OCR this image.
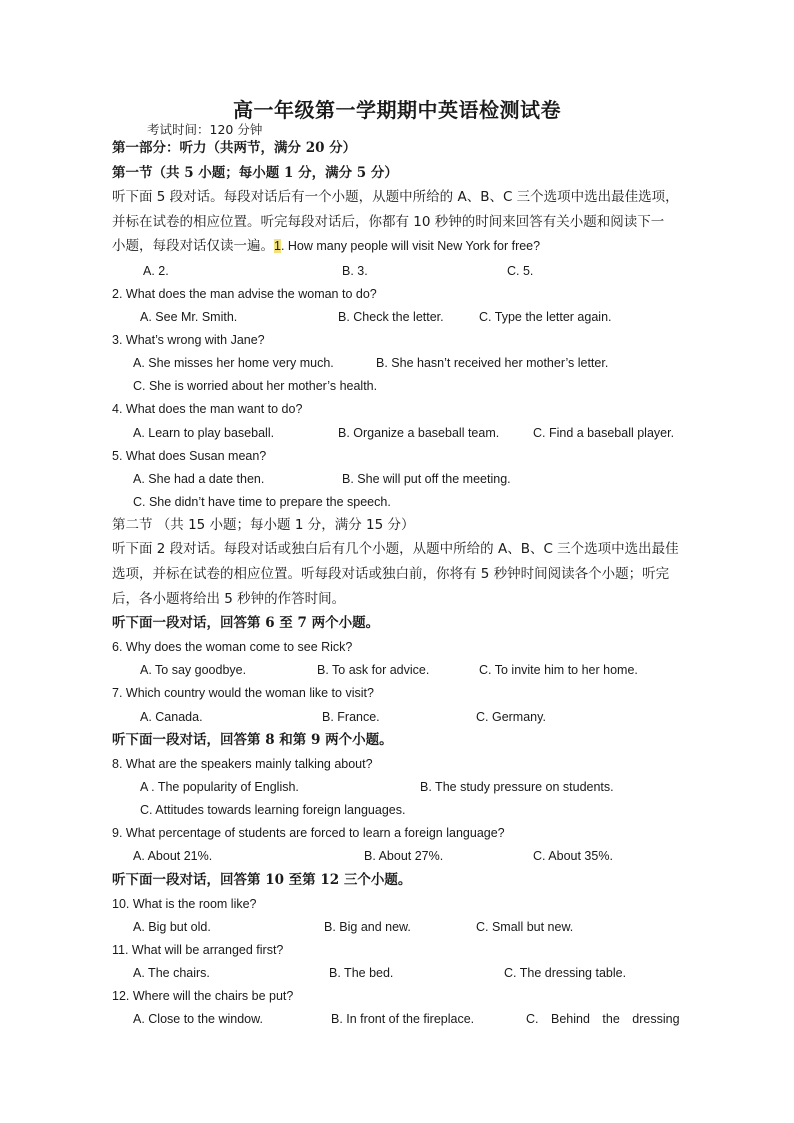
高一年级第一学期期中英语检测试卷
考试时间：120 分钟
第一部分：听力（共两节，满分 20 分）
第一节（共 5 小题；每小题 1 分，满分 5 分）
听下面 5 段对话。每段对话后有一个小题，从题中所给的 A、B、C 三个选项中选出最佳选项，
并标在试卷的相应位置。听完每段对话后，你都有 10 秒钟的时间来回答有关小题和阅读下一
小题，每段对话仅读一遍。1. How many people will visit New York for free?
A. 2.	B. 3.	C. 5.
2. What does the man advise the woman to do?
A. See Mr. Smith.	B. Check the letter.	C. Type the letter again.
3. What’s wrong with Jane?
A. She misses her home very much.	B. She hasn’t received her mother’s letter.
C. She is worried about her mother’s health.
4. What does the man want to do?
A. Learn to play baseball.	B. Organize a baseball team.	C. Find a baseball player.
5. What does Susan mean?
A. She had a date then.	B. She will put off the meeting.
C. She didn’t have time to prepare the speech.
第二节 （共 15 小题；每小题 1 分，满分 15 分）
听下面 2 段对话。每段对话或独白后有几个小题，从题中所给的 A、B、C 三个选项中选出最佳
选项，并标在试卷的相应位置。听每段对话或独白前，你将有 5 秒钟时间阅读各个小题；听完
后，各小题将给出 5 秒钟的作答时间。
听下面一段对话，回答第 6 至 7 两个小题。
6. Why does the woman come to see Rick?
A. To say goodbye.	B. To ask for advice.	C. To invite him to her home.
7. Which country would the woman like to visit?
A. Canada.	B. France.	C. Germany.
听下面一段对话，回答第 8 和第 9 两个小题。
8. What are the speakers mainly talking about?
A . The popularity of English.	B. The study pressure on students.
C. Attitudes towards learning foreign languages.
9. What percentage of students are forced to learn a foreign language?
A. About 21%.	B. About 27%.	C. About 35%.
听下面一段对话，回答第 10 至第 12 三个小题。
10. What is the room like?
A. Big but old.	B. Big and new.	C. Small but new.
11. What will be arranged first?
A. The chairs.	B. The bed.	C. The dressing table.
12. Where will the chairs be put?
A. Close to the window.	B. In front of the fireplace.	C.　Behind　the　dressing
